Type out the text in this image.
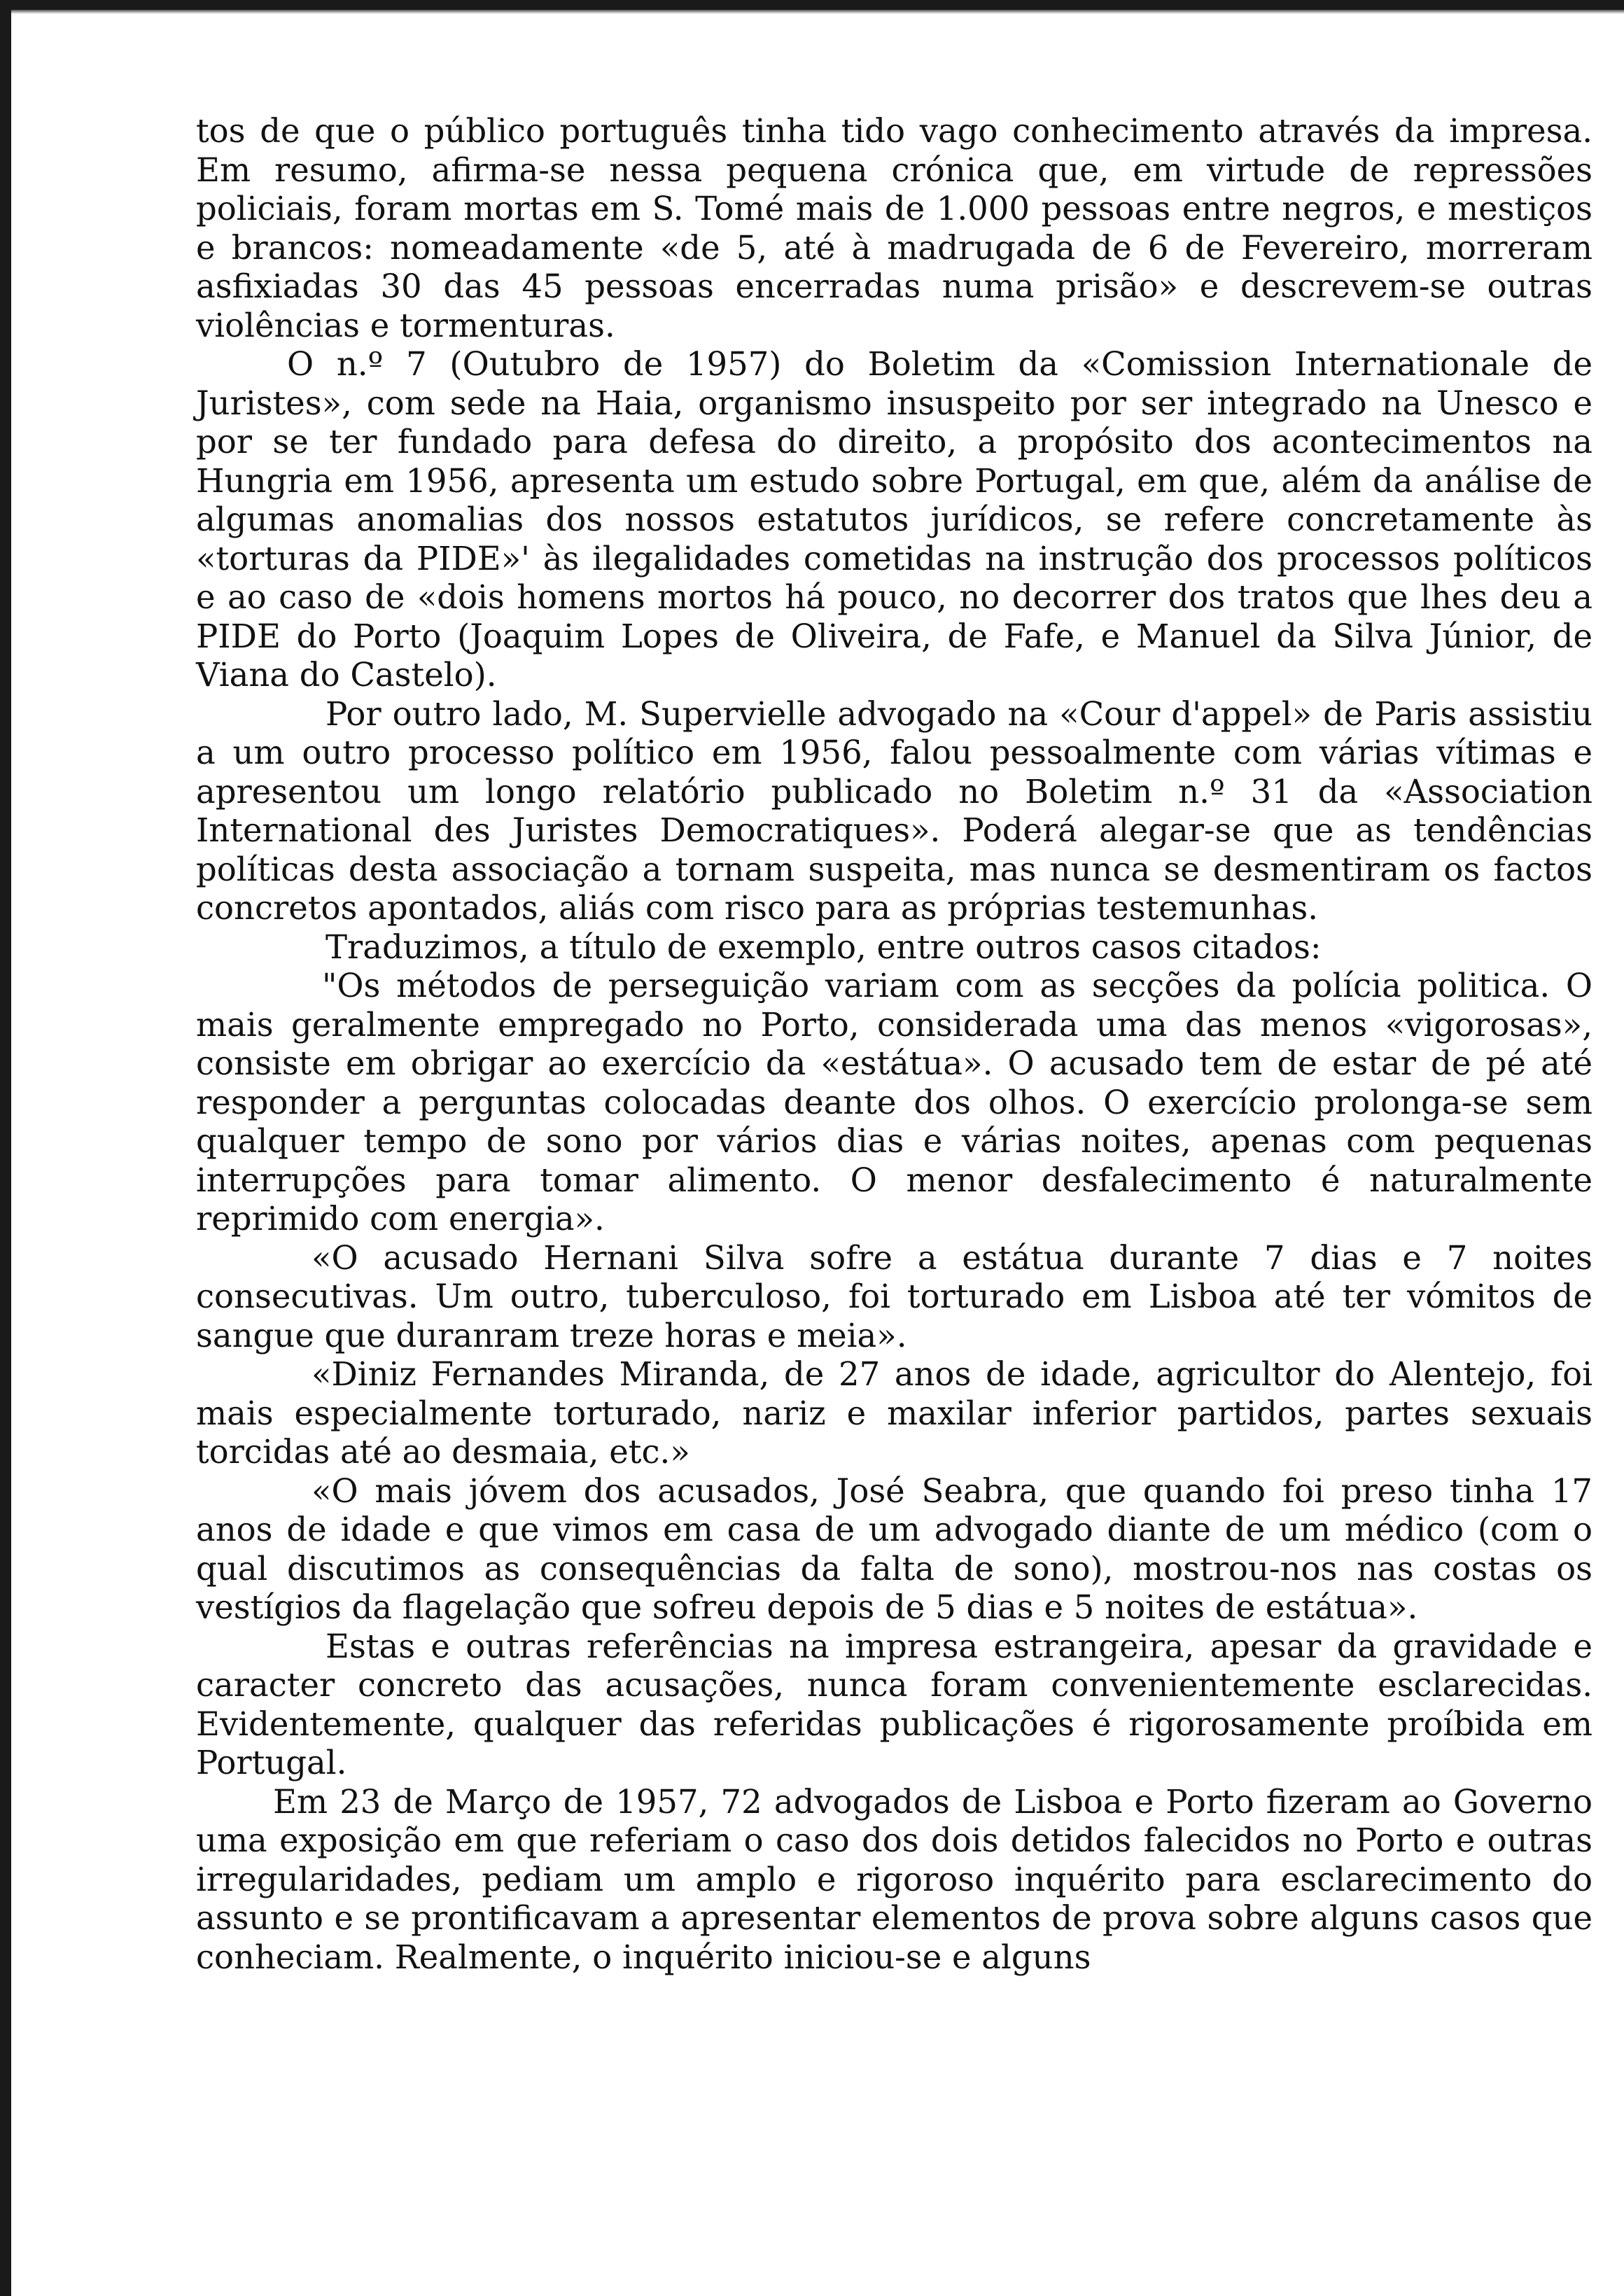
tos de que o público português tinha tido vago conhecimento através da impresa. Em resumo, afirma-se nessa pequena crónica que, em virtude de repressões policiais, foram mortas em S. Tomé mais de 1.000 pessoas entre negros, e mestiços e brancos: nomeadamente «de 5, até à madrugada de 6 de Fevereiro, morreram asfixiadas 30 das 45 pessoas encerradas numa prisão» e descrevem-se outras violências e tormenturas.

O n.º 7 (Outubro de 1957) do Boletim da «Comission Internationale de Juristes», com sede na Haia, organismo insuspeito por ser integrado na Unesco e por se ter fundado para defesa do direito, a propósito dos acontecimentos na Hungria em 1956, apresenta um estudo sobre Portugal, em que, além da análise de algumas anomalias dos nossos estatutos jurídicos, se refere concretamente às «torturas da PIDE»' às ilegalidades cometidas na instrução dos processos políticos e ao caso de «dois homens mortos há pouco, no decorrer dos tratos que lhes deu a PIDE do Porto (Joaquim Lopes de Oliveira, de Fafe, e Manuel da Silva Júnior, de Viana do Castelo).

Por outro lado, M. Supervielle advogado na «Cour d'appel» de Paris assistiu a um outro processo político em 1956, falou pessoalmente com várias vítimas e apresentou um longo relatório publicado no Boletim n.º 31 da «Association International des Juristes Democratiques». Poderá alegar-se que as tendências políticas desta associação a tornam suspeita, mas nunca se desmentiram os factos concretos apontados, aliás com risco para as próprias testemunhas.

Traduzimos, a título de exemplo, entre outros casos citados:

"Os métodos de perseguição variam com as secções da polícia politica. O mais geralmente empregado no Porto, considerada uma das menos «vigorosas», consiste em obrigar ao exercício da «estátua». O acusado tem de estar de pé até responder a perguntas colocadas deante dos olhos. O exercício prolonga-se sem qualquer tempo de sono por vários dias e várias noites, apenas com pequenas interrupções para tomar alimento. O menor desfalecimento é naturalmente reprimido com energia».

«O acusado Hernani Silva sofre a estátua durante 7 dias e 7 noites consecutivas. Um outro, tuberculoso, foi torturado em Lisboa até ter vómitos de sangue que duranram treze horas e meia».

«Diniz Fernandes Miranda, de 27 anos de idade, agricultor do Alentejo, foi mais especialmente torturado, nariz e maxilar inferior partidos, partes sexuais torcidas até ao desmaia, etc.»

«O mais jóvem dos acusados, José Seabra, que quando foi preso tinha 17 anos de idade e que vimos em casa de um advogado diante de um médico (com o qual discutimos as consequências da falta de sono), mostrou-nos nas costas os vestígios da flagelação que sofreu depois de 5 dias e 5 noites de estátua».

Estas e outras referências na impresa estrangeira, apesar da gravidade e caracter concreto das acusações, nunca foram convenientemente esclarecidas. Evidentemente, qualquer das referidas publicações é rigorosamente proíbida em Portugal.

Em 23 de Março de 1957, 72 advogados de Lisboa e Porto fizeram ao Governo uma exposição em que referiam o caso dos dois detidos falecidos no Porto e outras irregularidades, pediam um amplo e rigoroso inquérito para esclarecimento do assunto e se prontificavam a apresentar elementos de prova sobre alguns casos que conheciam. Realmente, o inquérito iniciou-se e alguns
